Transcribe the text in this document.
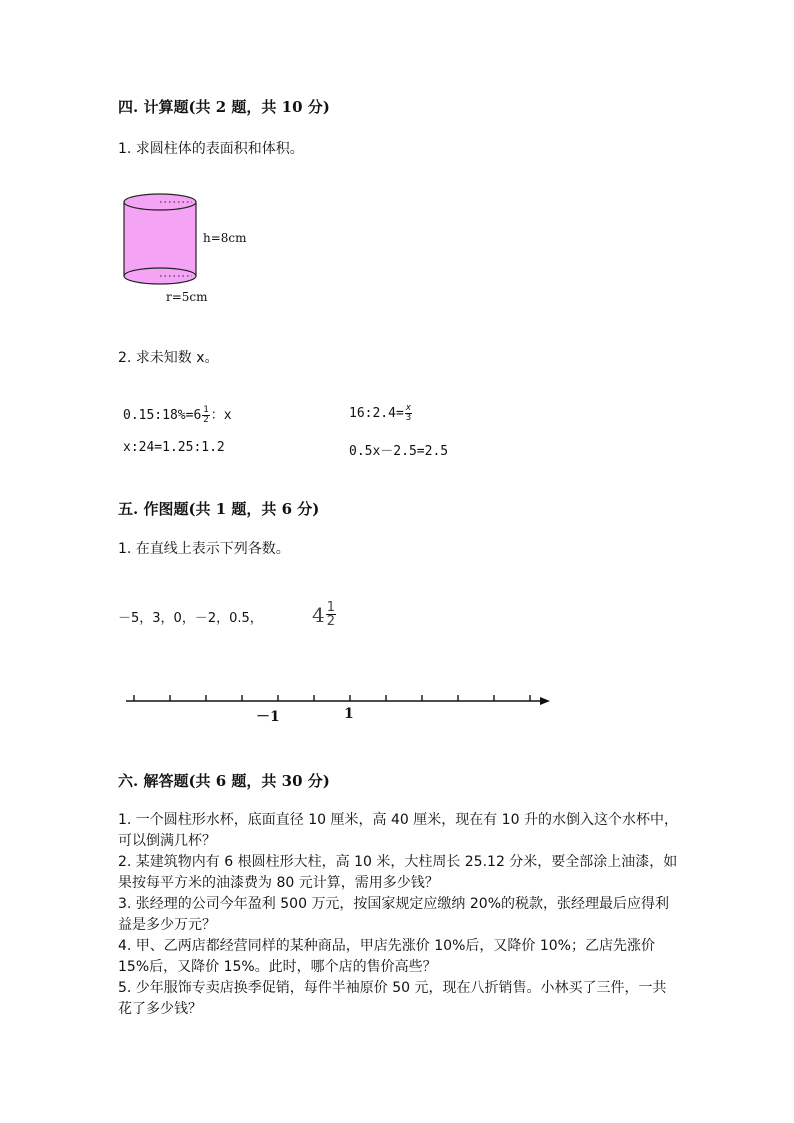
四. 计算题(共 2 题，共 10 分)
1. 求圆柱体的表面积和体积。
h=8cm
r=5cm
2. 求未知数 x。
0.15:18%=6 $\frac{1}{2}$ ：x	16:2.4= $\frac{x}{3}$
x:24=1.25:1.2	0.5x－2.5=2.5
五. 作图题(共 1 题，共 6 分)
1. 在直线上表示下列各数。
－5，3，0，－2，0.5， $4 \frac{1}{2}$
－1	1
六. 解答题(共 6 题，共 30 分)

1. 一个圆柱形水杯，底面直径 10 厘米，高 40 厘米，现在有 10 升的水倒入这个水杯中，可以倒满几杯？

2. 某建筑物内有 6 根圆柱形大柱，高 10 米，大柱周长 25.12 分米，要全部涂上油漆，如果按每平方米的油漆费为 80 元计算，需用多少钱？

3. 张经理的公司今年盈利 500 万元，按国家规定应缴纳 20%的税款，张经理最后应得利益是多少万元？

4. 甲、乙两店都经营同样的某种商品，甲店先涨价 10%后，又降价 10%；乙店先涨价 15%后，又降价 15%。此时，哪个店的售价高些？

5. 少年服饰专卖店换季促销，每件半袖原价 50 元，现在八折销售。小林买了三件，一共花了多少钱？
